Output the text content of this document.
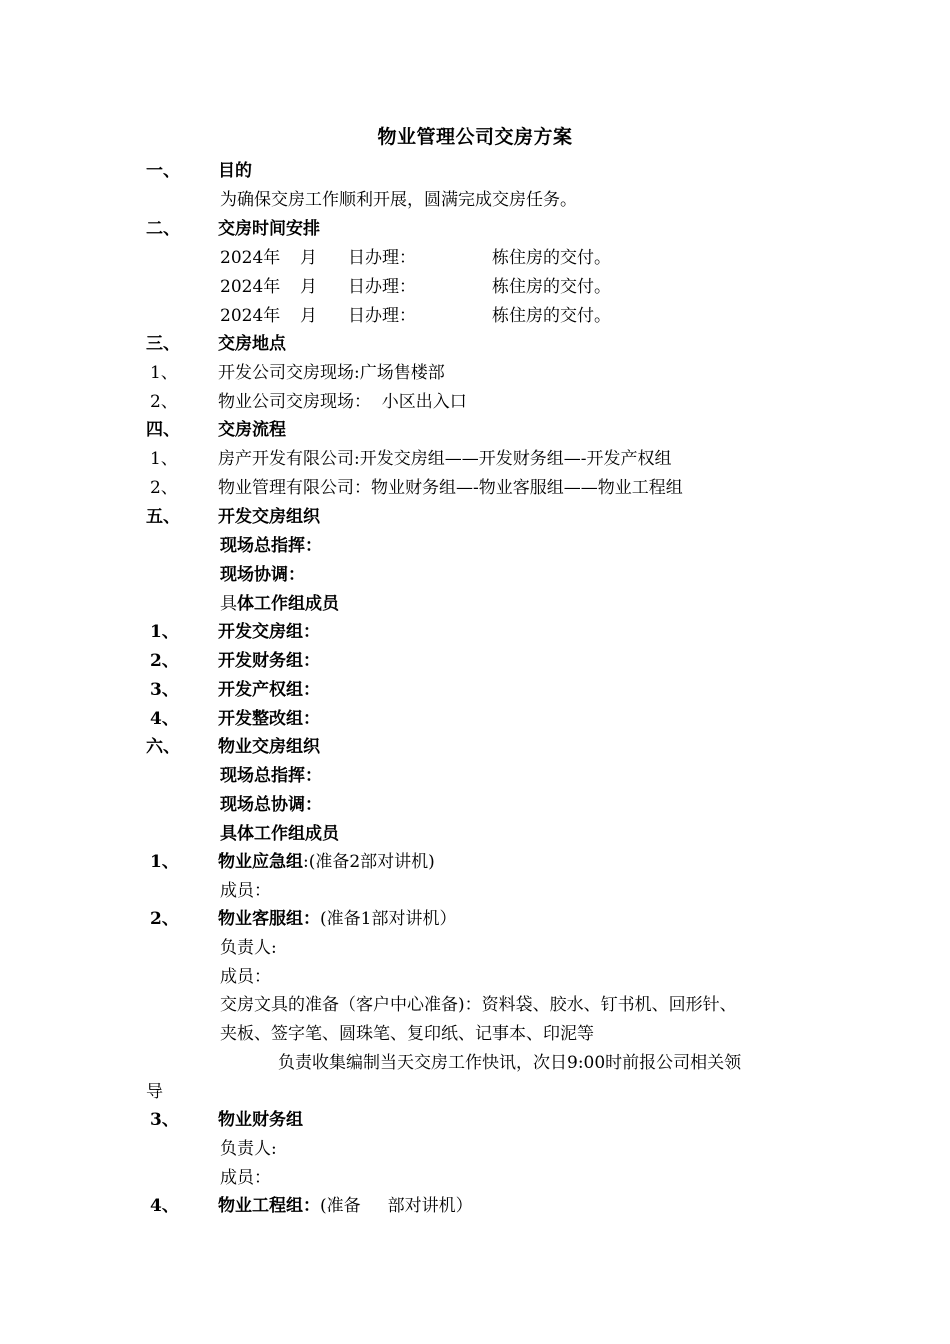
物业管理公司交房方案
一、 目的
为确保交房工作顺利开展，圆满完成交房任务。
二、 交房时间安排
2024年 月 日办理：	栋住房的交付。
2024年 月 日办理：	栋住房的交付。
2024年 月 日办理：	栋住房的交付。
三、 交房地点
1、 开发公司交房现场:广场售楼部
2、 物业公司交房现场：  小区出入口
四、 交房流程
1、 房产开发有限公司:开发交房组——开发财务组—-开发产权组
2、 物业管理有限公司：物业财务组—-物业客服组——物业工程组
五、 开发交房组织
现场总指挥：
现场协调：
具体工作组成员
1、 开发交房组：
2、 开发财务组：
3、 开发产权组：
4、 开发整改组：
六、 物业交房组织
现场总指挥：
现场总协调：
具体工作组成员
1、 物业应急组:(准备2部对讲机)
成员：
2、 物业客服组：(准备1部对讲机）
负责人:
成员：
交房文具的准备（客户中心准备)：资料袋、胶水、钉书机、回形针、
夹板、签字笔、圆珠笔、复印纸、记事本、印泥等
负责收集编制当天交房工作快讯，次日9:00时前报公司相关领
导
3、 物业财务组
负责人:
成员：
4、 物业工程组：(准备     部对讲机）
